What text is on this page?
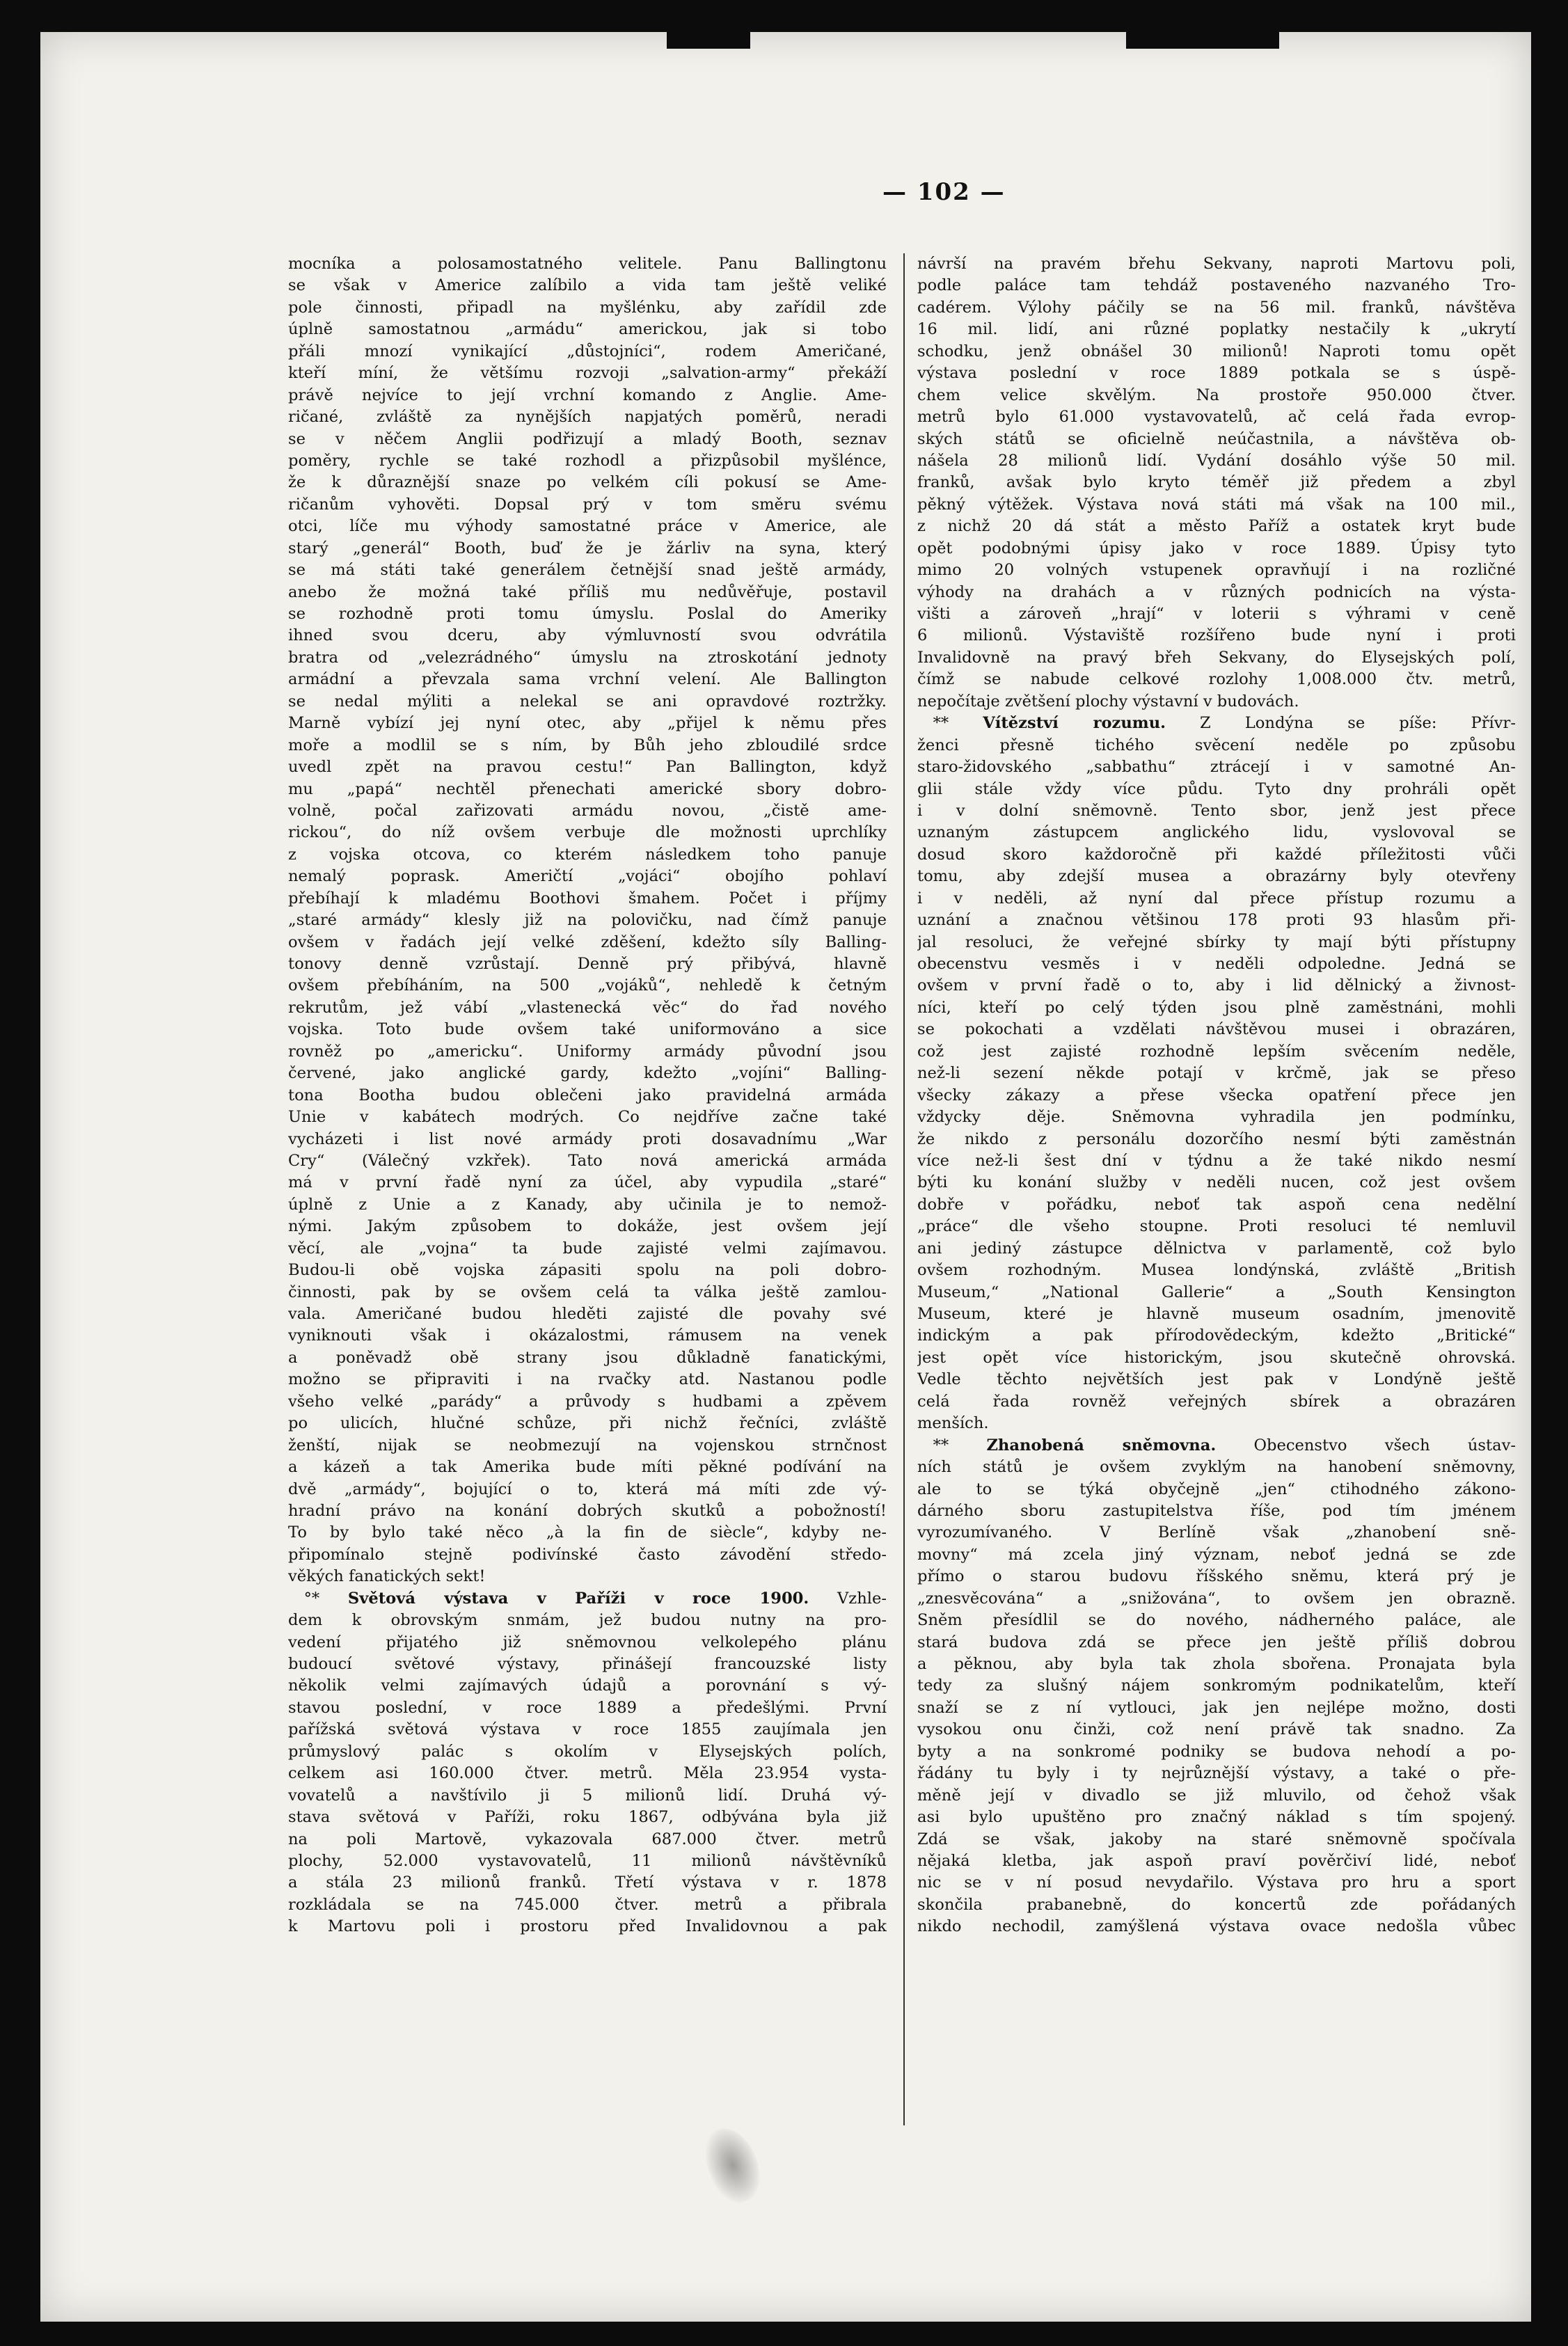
— 102 —
mocníka a polosamostatného velitele. Panu Ballingtonu
se však v Americe zalíbilo a vida tam ještě veliké
pole činnosti, připadl na myšlénku, aby zařídil zde
úplně samostatnou „armádu“ americkou, jak si tobo
přáli mnozí vynikající „důstojníci“, rodem Američané,
kteří míní, že většímu rozvoji „salvation-army“ překáží
právě nejvíce to její vrchní komando z Anglie. Ame-
ričané, zvláště za nynějších napjatých poměrů, neradi
se v něčem Anglii podřizují a mladý Booth, seznav
poměry, rychle se také rozhodl a přizpůsobil myšlénce,
že k důraznější snaze po velkém cíli pokusí se Ame-
ričanům vyhověti. Dopsal prý v tom směru svému
otci, líče mu výhody samostatné práce v Americe, ale
starý „generál“ Booth, buď že je žárliv na syna, který
se má státi také generálem četnější snad ještě armády,
anebo že možná také příliš mu nedůvěřuje, postavil
se rozhodně proti tomu úmyslu. Poslal do Ameriky
ihned svou dceru, aby výmluvností svou odvrátila
bratra od „velezrádného“ úmyslu na ztroskotání jednoty
armádní a převzala sama vrchní velení. Ale Ballington
se nedal mýliti a nelekal se ani opravdové roztržky.
Marně vybízí jej nyní otec, aby „přijel k němu přes
moře a modlil se s ním, by Bůh jeho zbloudilé srdce
uvedl zpět na pravou cestu!“ Pan Ballington, když
mu „papá“ nechtěl přenechati americké sbory dobro-
volně, počal zařizovati armádu novou, „čistě ame-
rickou“, do níž ovšem verbuje dle možnosti uprchlíky
z vojska otcova, co kterém následkem toho panuje
nemalý poprask. Američtí „vojáci“ obojího pohlaví
přebíhají k mladému Boothovi šmahem. Počet i příjmy
„staré armády“ klesly již na polovičku, nad čímž panuje
ovšem v řadách její velké zděšení, kdežto síly Balling-
tonovy denně vzrůstají. Denně prý přibývá, hlavně
ovšem přebíháním, na 500 „vojáků“, nehledě k četným
rekrutům, jež vábí „vlastenecká věc“ do řad nového
vojska. Toto bude ovšem také uniformováno a sice
rovněž po „americku“. Uniformy armády původní jsou
červené, jako anglické gardy, kdežto „vojíni“ Balling-
tona Bootha budou oblečeni jako pravidelná armáda
Unie v kabátech modrých. Co nejdříve začne také
vycházeti i list nové armády proti dosavadnímu „War
Cry“ (Válečný vzkřek). Tato nová americká armáda
má v první řadě nyní za účel, aby vypudila „staré“
úplně z Unie a z Kanady, aby učinila je to nemož-
nými. Jakým způsobem to dokáže, jest ovšem její
věcí, ale „vojna“ ta bude zajisté velmi zajímavou.
Budou-li obě vojska zápasiti spolu na poli dobro-
činnosti, pak by se ovšem celá ta válka ještě zamlou-
vala. Američané budou hleděti zajisté dle povahy své
vyniknouti však i okázalostmi, rámusem na venek
a poněvadž obě strany jsou důkladně fanatickými,
možno se připraviti i na rvačky atd. Nastanou podle
všeho velké „parády“ a průvody s hudbami a zpěvem
po ulicích, hlučné schůze, při nichž řečníci, zvláště
ženští, nijak se neobmezují na vojenskou strnčnost
a kázeň a tak Amerika bude míti pěkné podívání na
dvě „armády“, bojující o to, která má míti zde vý-
hradní právo na konání dobrých skutků a pobožností!
To by bylo také něco „à la fin de siècle“, kdyby ne-
připomínalo stejně podivínské často závodění středo-
věkých fanatických sekt!
 °* Světová výstava v Paříži v roce 1900. Vzhle-
dem k obrovským snmám, jež budou nutny na pro-
vedení přijatého již sněmovnou velkolepého plánu
budoucí světové výstavy, přinášejí francouzské listy
několik velmi zajímavých údajů a porovnání s vý-
stavou poslední, v roce 1889 a předešlými. První
pařížská světová výstava v roce 1855 zaujímala jen
průmyslový palác s okolím v Elysejských polích,
celkem asi 160.000 čtver. metrů. Měla 23.954 vysta-
vovatelů a navštívilo ji 5 milionů lidí. Druhá vý-
stava světová v Paříži, roku 1867, odbývána byla již
na poli Martově, vykazovala 687.000 čtver. metrů
plochy, 52.000 vystavovatelů, 11 milionů návštěvníků
a stála 23 milionů franků. Třetí výstava v r. 1878
rozkládala se na 745.000 čtver. metrů a přibrala
k Martovu poli i prostoru před Invalidovnou a pak
návrší na pravém břehu Sekvany, naproti Martovu poli,
podle paláce tam tehdáž postaveného nazvaného Tro-
cadérem. Výlohy páčily se na 56 mil. franků, návštěva
16 mil. lidí, ani různé poplatky nestačily k „ukrytí
schodku, jenž obnášel 30 milionů! Naproti tomu opět
výstava poslední v roce 1889 potkala se s úspě-
chem velice skvělým. Na prostoře 950.000 čtver.
metrů bylo 61.000 vystavovatelů, ač celá řada evrop-
ských států se oficielně neúčastnila, a návštěva ob-
nášela 28 milionů lidí. Vydání dosáhlo výše 50 mil.
franků, avšak bylo kryto téměř již předem a zbyl
pěkný výtěžek. Výstava nová státi má však na 100 mil.,
z nichž 20 dá stát a město Paříž a ostatek kryt bude
opět podobnými úpisy jako v roce 1889. Úpisy tyto
mimo 20 volných vstupenek opravňují i na rozličné
výhody na drahách a v různých podnicích na výsta-
višti a zároveň „hrají“ v loterii s výhrami v ceně
6 milionů. Výstaviště rozšířeno bude nyní i proti
Invalidovně na pravý břeh Sekvany, do Elysejských polí,
čímž se nabude celkové rozlohy 1,008.000 čtv. metrů,
nepočítaje zvětšení plochy výstavní v budovách.
 ** Vítězství rozumu. Z Londýna se píše: Přívr-
ženci přesně tichého svěcení neděle po způsobu
staro-židovského „sabbathu“ ztrácejí i v samotné An-
glii stále vždy více půdu. Tyto dny prohráli opět
i v dolní sněmovně. Tento sbor, jenž jest přece
uznaným zástupcem anglického lidu, vyslovoval se
dosud skoro každoročně při každé příležitosti vůči
tomu, aby zdejší musea a obrazárny byly otevřeny
i v neděli, až nyní dal přece přístup rozumu a
uznání a značnou většinou 178 proti 93 hlasům při-
jal resoluci, že veřejné sbírky ty mají býti přístupny
obecenstvu vesměs i v neděli odpoledne. Jedná se
ovšem v první řadě o to, aby i lid dělnický a živnost-
níci, kteří po celý týden jsou plně zaměstnáni, mohli
se pokochati a vzdělati návštěvou musei i obrazáren,
což jest zajisté rozhodně lepším svěcením neděle,
než-li sezení někde potají v krčmě, jak se přeso
všecky zákazy a přese všecka opatření přece jen
vždycky děje. Sněmovna vyhradila jen podmínku,
že nikdo z personálu dozorčího nesmí býti zaměstnán
více než-li šest dní v týdnu a že také nikdo nesmí
býti ku konání služby v neděli nucen, což jest ovšem
dobře v pořádku, neboť tak aspoň cena nedělní
„práce“ dle všeho stoupne. Proti resoluci té nemluvil
ani jediný zástupce dělnictva v parlamentě, což bylo
ovšem rozhodným. Musea londýnská, zvláště „British
Museum,“ „National Gallerie“ a „South Kensington
Museum, které je hlavně museum osadním, jmenovitě
indickým a pak přírodovědeckým, kdežto „Britické“
jest opět více historickým, jsou skutečně ohrovská.
Vedle těchto největších jest pak v Londýně ještě
celá řada rovněž veřejných sbírek a obrazáren
menších.
 ** Zhanobená sněmovna. Obecenstvo všech ústav-
ních států je ovšem zvyklým na hanobení sněmovny,
ale to se týká obyčejně „jen“ ctihodného zákono-
dárného sboru zastupitelstva říše, pod tím jménem
vyrozumívaného. V Berlíně však „zhanobení sně-
movny“ má zcela jiný význam, neboť jedná se zde
přímo o starou budovu říšského sněmu, která prý je
„znesvěcována“ a „snižována“, to ovšem jen obrazně.
Sněm přesídlil se do nového, nádherného paláce, ale
stará budova zdá se přece jen ještě příliš dobrou
a pěknou, aby byla tak zhola sbořena. Pronajata byla
tedy za slušný nájem sonkromým podnikatelům, kteří
snaží se z ní vytlouci, jak jen nejlépe možno, dosti
vysokou onu činži, což není právě tak snadno. Za
byty a na sonkromé podniky se budova nehodí a po-
řádány tu byly i ty nejrůznější výstavy, a také o pře-
měně její v divadlo se již mluvilo, od čehož však
asi bylo upuštěno pro značný náklad s tím spojený.
Zdá se však, jakoby na staré sněmovně spočívala
nějaká kletba, jak aspoň praví pověrčiví lidé, neboť
nic se v ní posud nevydařilo. Výstava pro hru a sport
skončila prabanebně, do koncertů zde pořádaných
nikdo nechodil, zamýšlená výstava ovace nedošla vůbec
